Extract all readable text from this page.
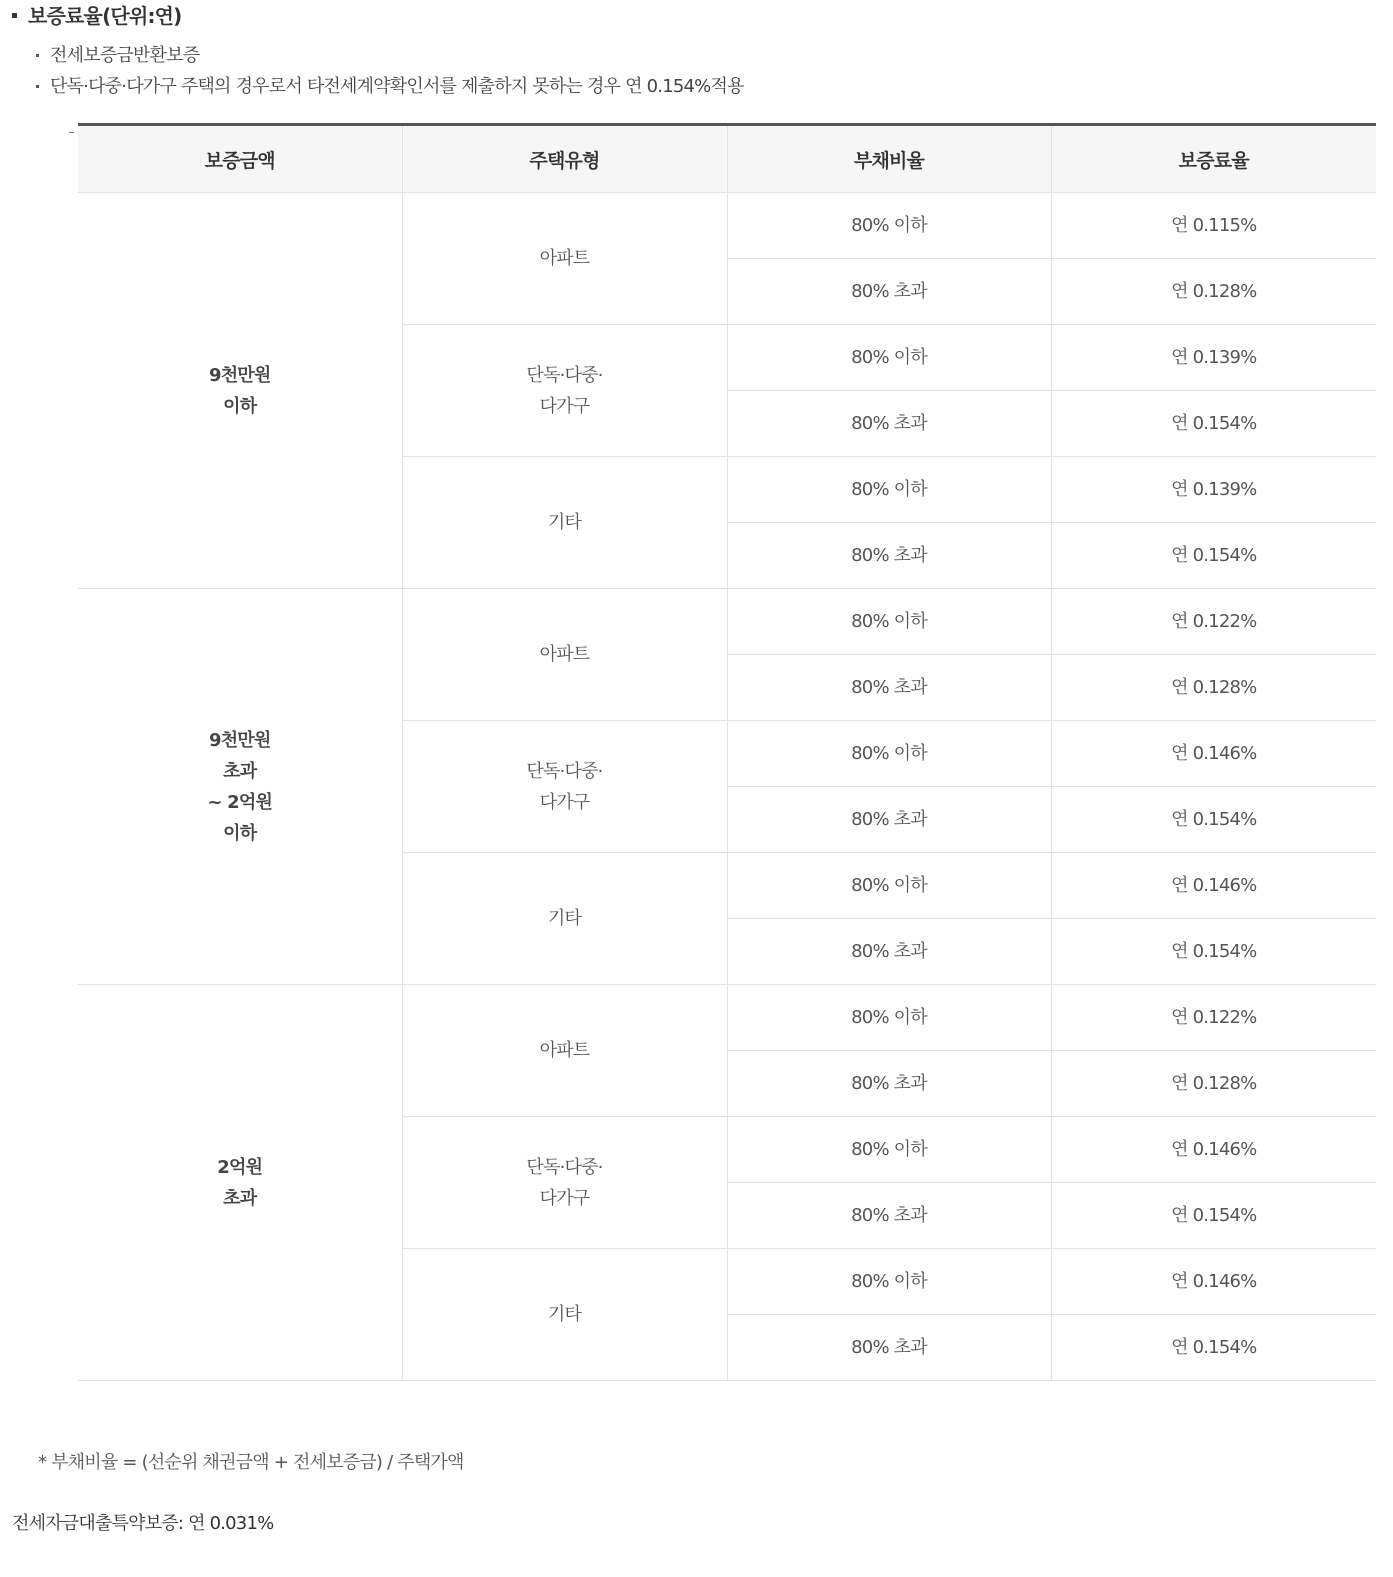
보증료율(단위:연)
전세보증금반환보증
단독·다중·다가구 주택의 경우로서 타전세계약확인서를 제출하지 못하는 경우 연 0.154%적용
보증금액	주택유형	부채비율	보증료율
9천만원
이하	아파트	80% 이하	연 0.115%
		80% 초과	연 0.128%
	단독·다중·
다가구	80% 이하	연 0.139%
		80% 초과	연 0.154%
	기타	80% 이하	연 0.139%
		80% 초과	연 0.154%
9천만원
초과
~ 2억원
이하	아파트	80% 이하	연 0.122%
		80% 초과	연 0.128%
	단독·다중·
다가구	80% 이하	연 0.146%
		80% 초과	연 0.154%
	기타	80% 이하	연 0.146%
		80% 초과	연 0.154%
2억원
초과	아파트	80% 이하	연 0.122%
		80% 초과	연 0.128%
	단독·다중·
다가구	80% 이하	연 0.146%
		80% 초과	연 0.154%
	기타	80% 이하	연 0.146%
		80% 초과	연 0.154%
* 부채비율 = (선순위 채권금액 + 전세보증금) / 주택가액
전세자금대출특약보증: 연 0.031%
